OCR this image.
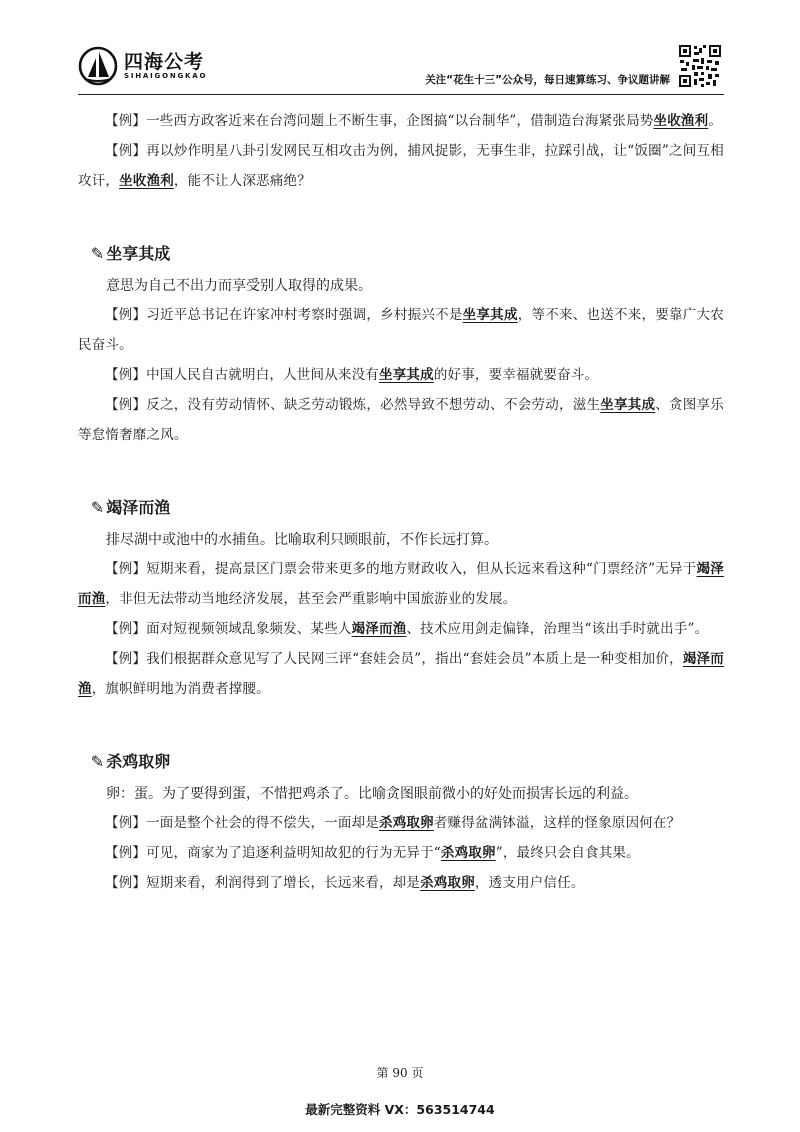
四海公考
SIHAIGONGKAO	关注“花生十三”公众号，每日速算练习、争议题讲解

【例】一些西方政客近来在台湾问题上不断生事，企图搞“以台制华”，借制造台海紧张局势坐收渔利。

【例】再以炒作明星八卦引发网民互相攻击为例，捕风捉影，无事生非，拉踩引战，让“饭圈”之间互相攻讦，坐收渔利，能不让人深恶痛绝？

✎ 坐享其成

意思为自己不出力而享受别人取得的成果。

【例】习近平总书记在许家冲村考察时强调，乡村振兴不是坐享其成，等不来、也送不来，要靠广大农民奋斗。

【例】中国人民自古就明白，人世间从来没有坐享其成的好事，要幸福就要奋斗。

【例】反之，没有劳动情怀、缺乏劳动锻炼，必然导致不想劳动、不会劳动，滋生坐享其成、贪图享乐等怠惰奢靡之风。

✎ 竭泽而渔

排尽湖中或池中的水捕鱼。比喻取利只顾眼前，不作长远打算。

【例】短期来看，提高景区门票会带来更多的地方财政收入，但从长远来看这种“门票经济”无异于竭泽而渔，非但无法带动当地经济发展，甚至会严重影响中国旅游业的发展。

【例】面对短视频领域乱象频发、某些人竭泽而渔、技术应用剑走偏锋，治理当“该出手时就出手”。

【例】我们根据群众意见写了人民网三评“套娃会员”，指出“套娃会员”本质上是一种变相加价，竭泽而渔，旗帜鲜明地为消费者撑腰。

✎ 杀鸡取卵

卵：蛋。为了要得到蛋，不惜把鸡杀了。比喻贪图眼前微小的好处而损害长远的利益。

【例】一面是整个社会的得不偿失，一面却是杀鸡取卵者赚得盆满钵溢，这样的怪象原因何在？

【例】可见，商家为了追逐利益明知故犯的行为无异于“杀鸡取卵”，最终只会自食其果。

【例】短期来看，利润得到了增长，长远来看，却是杀鸡取卵，透支用户信任。

第 90 页
最新完整资料 VX：563514744
